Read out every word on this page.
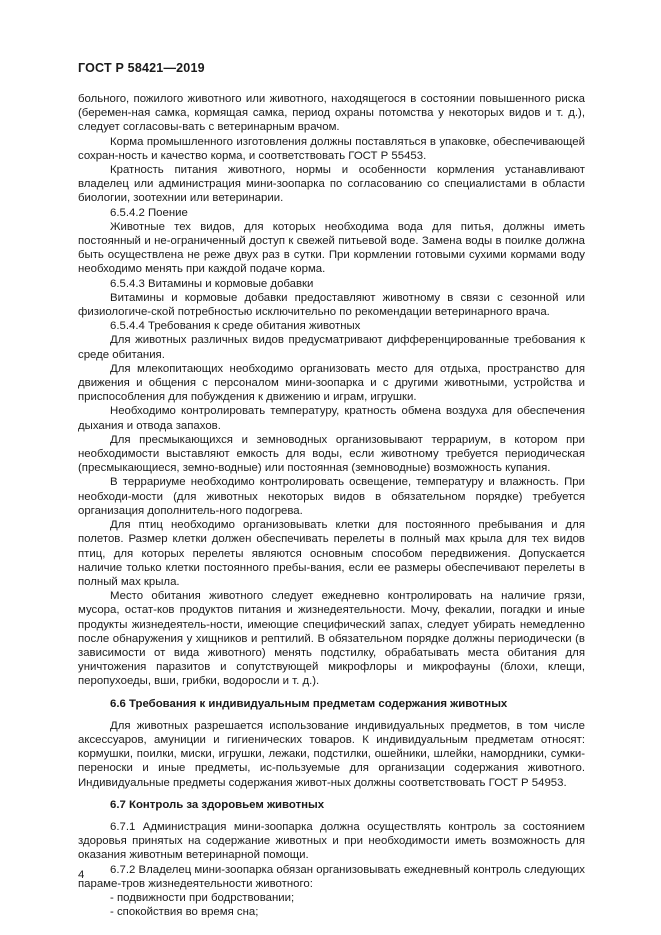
ГОСТ Р 58421—2019

больного, пожилого животного или животного, находящегося в состоянии повышенного риска (беремен-ная самка, кормящая самка, период охраны потомства у некоторых видов и т. д.), следует согласовы-вать с ветеринарным врачом.

Корма промышленного изготовления должны поставляться в упаковке, обеспечивающей сохран-ность и качество корма, и соответствовать ГОСТ Р 55453.

Кратность питания животного, нормы и особенности кормления устанавливают владелец или администрация мини-зоопарка по согласованию со специалистами в области биологии, зоотехнии или ветеринарии.

6.5.4.2 Поение

Животные тех видов, для которых необходима вода для питья, должны иметь постоянный и не-ограниченный доступ к свежей питьевой воде. Замена воды в поилке должна быть осуществлена не реже двух раз в сутки. При кормлении готовыми сухими кормами воду необходимо менять при каждой подаче корма.

6.5.4.3 Витамины и кормовые добавки

Витамины и кормовые добавки предоставляют животному в связи с сезонной или физиологиче-ской потребностью исключительно по рекомендации ветеринарного врача.

6.5.4.4 Требования к среде обитания животных

Для животных различных видов предусматривают дифференцированные требования к среде обитания.

Для млекопитающих необходимо организовать место для отдыха, пространство для движения и общения с персоналом мини-зоопарка и с другими животными, устройства и приспособления для побуждения к движению и играм, игрушки.

Необходимо контролировать температуру, кратность обмена воздуха для обеспечения дыхания и отвода запахов.

Для пресмыкающихся и земноводных организовывают террариум, в котором при необходимости выставляют емкость для воды, если животному требуется периодическая (пресмыкающиеся, земно-водные) или постоянная (земноводные) возможность купания.

В террариуме необходимо контролировать освещение, температуру и влажность. При необходи-мости (для животных некоторых видов в обязательном порядке) требуется организация дополнитель-ного подогрева.

Для птиц необходимо организовывать клетки для постоянного пребывания и для полетов. Размер клетки должен обеспечивать перелеты в полный мах крыла для тех видов птиц, для которых перелеты являются основным способом передвижения. Допускается наличие только клетки постоянного пребы-вания, если ее размеры обеспечивают перелеты в полный мах крыла.

Место обитания животного следует ежедневно контролировать на наличие грязи, мусора, остат-ков продуктов питания и жизнедеятельности. Мочу, фекалии, погадки и иные продукты жизнедеятель-ности, имеющие специфический запах, следует убирать немедленно после обнаружения у хищников и рептилий. В обязательном порядке должны периодически (в зависимости от вида животного) менять подстилку, обрабатывать места обитания для уничтожения паразитов и сопутствующей микрофлоры и микрофауны (блохи, клещи, перопухоеды, вши, грибки, водоросли и т. д.).

6.6 Требования к индивидуальным предметам содержания животных

Для животных разрешается использование индивидуальных предметов, в том числе аксессуаров, амуниции и гигиенических товаров. К индивидуальным предметам относят: кормушки, поилки, миски, игрушки, лежаки, подстилки, ошейники, шлейки, намордники, сумки-переноски и иные предметы, ис-пользуемые для организации содержания животного. Индивидуальные предметы содержания живот-ных должны соответствовать ГОСТ Р 54953.

6.7 Контроль за здоровьем животных

6.7.1 Администрация мини-зоопарка должна осуществлять контроль за состоянием здоровья принятых на содержание животных и при необходимости иметь возможность для оказания животным ветеринарной помощи.

6.7.2 Владелец мини-зоопарка обязан организовывать ежедневный контроль следующих параме-тров жизнедеятельности животного:

- подвижности при бодрствовании;

- спокойствия во время сна;

4
